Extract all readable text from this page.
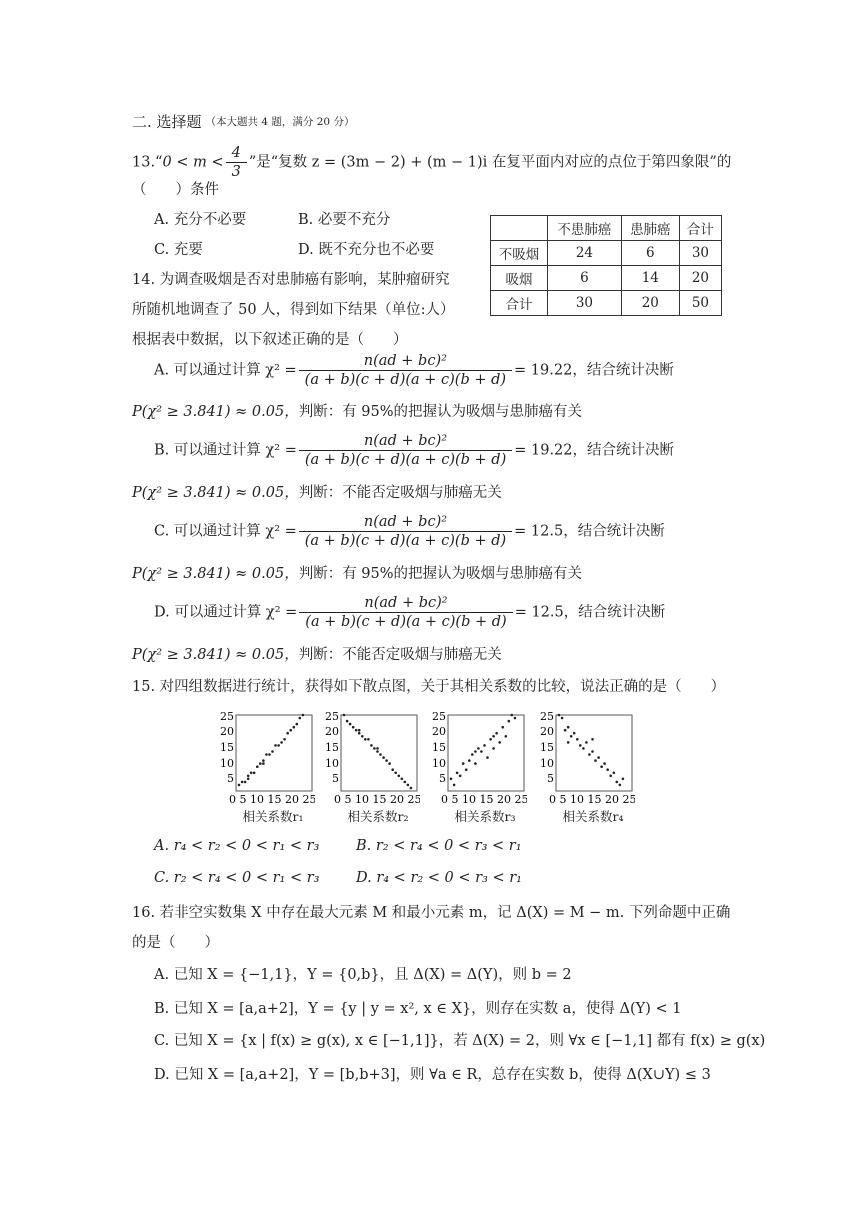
二. 选择题 （本大题共 4 题，满分 20 分）
13.“0 < $m < \frac{4}{3}$ ”是“复数 z = (3m − 2) + (m − 1)i 在复平面内对应的点位于第四象限”的
（　　）条件
A. 充分不必要	B. 必要不充分
C. 充要	D. 既不充分也不必要
	不患肺癌	患肺癌	合计
不吸烟	24	6	30
吸烟	6	14	20
合计	30	20	50
14. 为调查吸烟是否对患肺癌有影响，某肿瘤研究
所随机地调查了 50 人，得到如下结果（单位:人）
根据表中数据，以下叙述正确的是（　　）
A. 可以通过计算 $\chi^2 = \frac{\text{n(ad + bc)²}}{(a + b)(c + d)(a + c)(b + d)} = 19.22$，结合统计决断
P(χ² ≥ 3.841) ≈ 0.05，判断：有 95%的把握认为吸烟与患肺癌有关
B. 可以通过计算 $\chi^2 = \frac{\text{n(ad + bc)²}}{(a + b)(c + d)(a + c)(b + d)} = 19.22$，结合统计决断
P(χ² ≥ 3.841) ≈ 0.05，判断：不能否定吸烟与肺癌无关
C. 可以通过计算 $\chi^2 = \frac{\text{n(ad + bc)²}}{(a + b)(c + d)(a + c)(b + d)} = 12.5$，结合统计决断
P(χ² ≥ 3.841) ≈ 0.05，判断：有 95%的把握认为吸烟与患肺癌有关
D. 可以通过计算 $\chi^2 = \frac{\text{n(ad + bc)²}}{(a + b)(c + d)(a + c)(b + d)} = 12.5$，结合统计决断
P(χ² ≥ 3.841) ≈ 0.05，判断：不能否定吸烟与肺癌无关
15. 对四组数据进行统计，获得如下散点图，关于其相关系数的比较，说法正确的是（　　）
25
20
15
10
5
0 5 10 15 20 25
相关系数r₁
25
20
15
10
5
0 5 10 15 20 25
相关系数r₂
25
20
15
10
5
0 5 10 15 20 25
相关系数r₃
25
20
15
10
5
0 5 10 15 20 25
相关系数r₄
A. r₄ < r₂ < 0 < r₁ < r₃	B. r₂ < r₄ < 0 < r₃ < r₁
C. r₂ < r₄ < 0 < r₁ < r₃	D. r₄ < r₂ < 0 < r₃ < r₁
16. 若非空实数集 X 中存在最大元素 M 和最小元素 m，记 Δ(X) = M − m. 下列命题中正确
的是（　　）
A. 已知 X = {−1,1}，Y = {0,b}，且 Δ(X) = Δ(Y)，则 b = 2
B. 已知 X = [a,a+2]，Y = {y | y = x², x ∈ X}，则存在实数 a，使得 Δ(Y) < 1
C. 已知 X = {x | f(x) ≥ g(x), x ∈ [−1,1]}，若 Δ(X) = 2，则 ∀x ∈ [−1,1] 都有 f(x) ≥ g(x)
D. 已知 X = [a,a+2]，Y = [b,b+3]，则 ∀a ∈ R，总存在实数 b，使得 Δ(X∪Y) ≤ 3
